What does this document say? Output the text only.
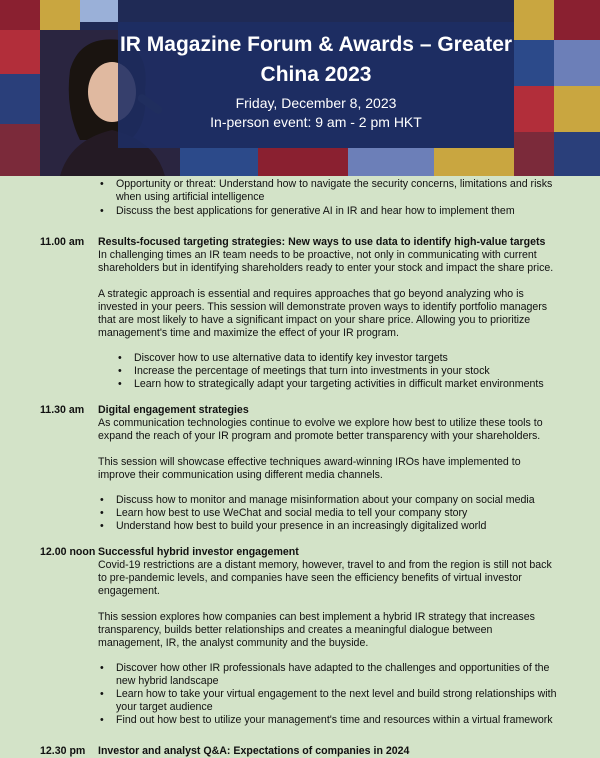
IR Magazine Forum & Awards – Greater China 2023

Friday, December 8, 2023

In-person event: 9 am - 2 pm HKT

• Opportunity or threat: Understand how to navigate the security concerns, limitations and risks when using artificial intelligence
• Discuss the best applications for generative AI in IR and hear how to implement them
11.00 am	Results-focused targeting strategies: New ways to use data to identify high-value targets

In challenging times an IR team needs to be proactive, not only in communicating with current shareholders but in identifying shareholders ready to enter your stock and impact the share price.

A strategic approach is essential and requires approaches that go beyond analyzing who is invested in your peers. This session will demonstrate proven ways to identify portfolio managers that are most likely to have a significant impact on your share price. Allowing you to prioritize management's time and maximize the effect of your IR program.

• Discover how to use alternative data to identify key investor targets
• Increase the percentage of meetings that turn into investments in your stock
• Learn how to strategically adapt your targeting activities in difficult market environments
11.30 am	Digital engagement strategies

As communication technologies continue to evolve we explore how best to utilize these tools to expand the reach of your IR program and promote better transparency with your shareholders.

This session will showcase effective techniques award-winning IROs have implemented to improve their communication using different media channels.

• Discuss how to monitor and manage misinformation about your company on social media
• Learn how best to use WeChat and social media to tell your company story
• Understand how best to build your presence in an increasingly digitalized world
12.00 noon Successful hybrid investor engagement

Covid-19 restrictions are a distant memory, however, travel to and from the region is still not back to pre-pandemic levels, and companies have seen the efficiency benefits of virtual investor engagement.

This session explores how companies can best implement a hybrid IR strategy that increases transparency, builds better relationships and creates a meaningful dialogue between management, IR, the analyst community and the buyside.

• Discover how other IR professionals have adapted to the challenges and opportunities of the new hybrid landscape
• Learn how to take your virtual engagement to the next level and build strong relationships with your target audience
• Find out how best to utilize your management's time and resources within a virtual framework
12.30 pm	Investor and analyst Q&A: Expectations of companies in 2024
